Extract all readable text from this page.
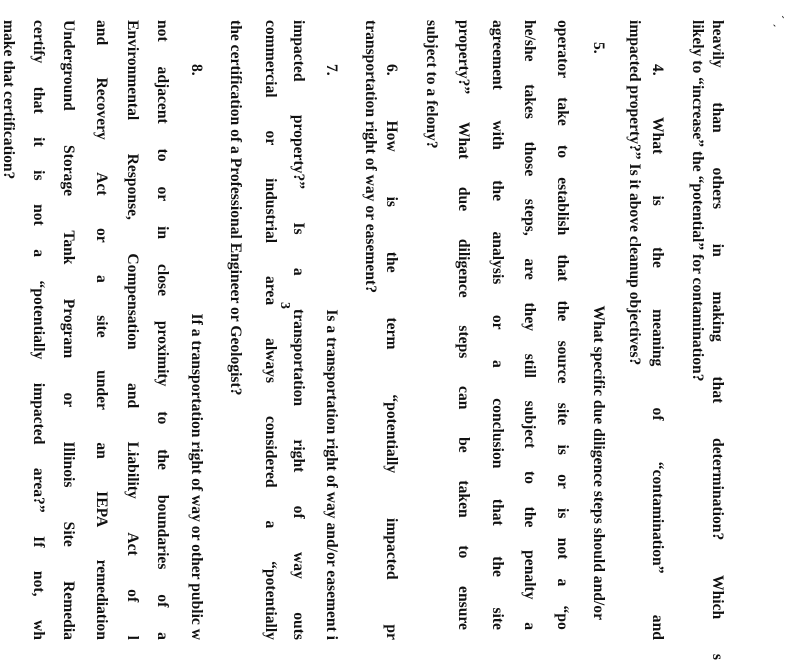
heavily
than
others
in
making
that
determination?
Which
s
likely to “increase” the “potential” for contamination?
4.
What
is
the
meaning
of
“contamination”
and
impacted property?” Is it above cleanup objectives?
5.
What specific due diligence steps should and/or
operator
take
to
establish
that
the
source
site
is
or
is
not
a
“po
he/she
takes
those
steps,
are
they
still
subject
to
the
penalty
a
agreement
with
the
analysis
or
a
conclusion
that
the
site
property?”
What
due
diligence
steps
can
be
taken
to
ensure
subject to a felony?
6.
How
is
the
term
“potentially
impacted
pr
transportation right of way or easement?
7.
Is a transportation right of way and/or easement i
impacted
property?”
Is
a
transportation
right
of
way
outs
commercial
or
industrial
area
always
considered
a
“potentially
the certification of a Professional Engineer or Geologist?
8.
If a transportation right of way or other public w
not
adjacent
to
or
in
close
proximity
to
the
boundaries
of
a
Environmental
Response,
Compensation
and
Liability
Act
of
l
and
Recovery
Act
or
a
site
under
an
IEPA
remediation
Underground
Storage
Tank
Program
or
Illinois
Site
Remedia
certify
that
it
is
not
a
“potentially
impacted
area?”
If
not,
wh
make that certification?
3
´ ˏ
